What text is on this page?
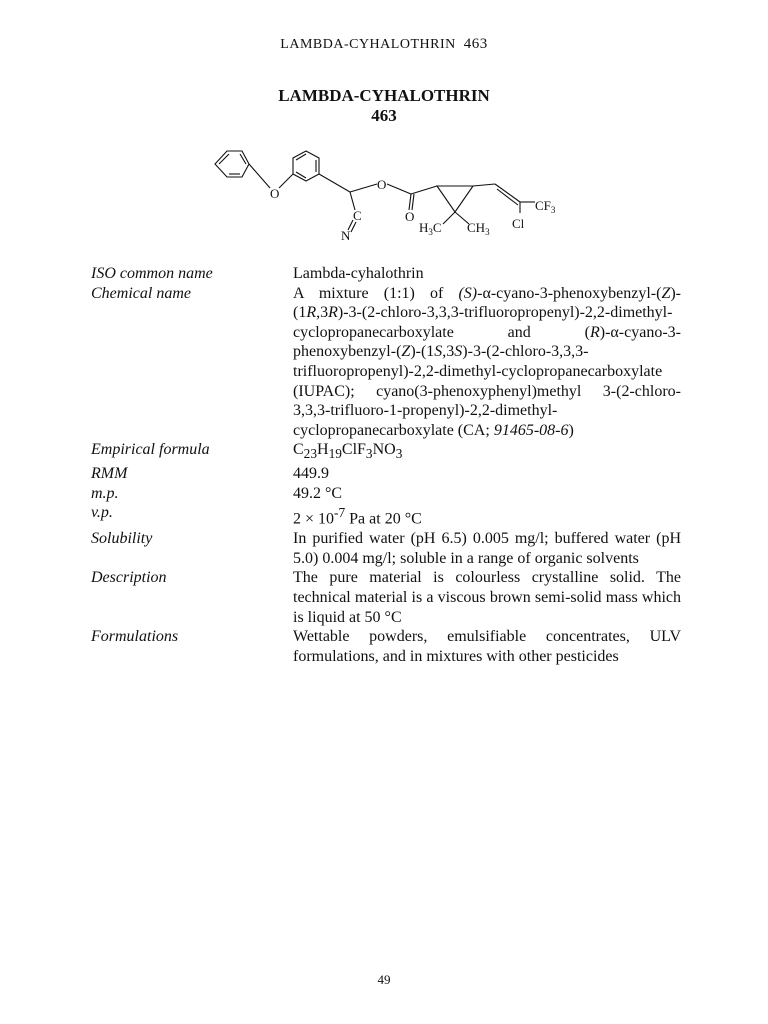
LAMBDA-CYHALOTHRIN 463
LAMBDA-CYHALOTHRIN
463
O
O
O
C
N
$CF_3$
$H_3C$ $CH_3$
Cl
ISO common name	Lambda-cyhalothrin
Chemical name	A mixture (1:1) of (S)-α-cyano-3-phenoxybenzyl-(Z)-(1R,3R)-3-(2-chloro-3,3,3-trifluoropropenyl)-2,2-dimethyl-cyclopropanecarboxylate and (R)-α-cyano-3-phenoxybenzyl-(Z)-(1S,3S)-3-(2-chloro-3,3,3-trifluoropropenyl)-2,2-dimethyl-cyclopropanecarboxylate (IUPAC); cyano(3-phenoxyphenyl)methyl 3-(2-chloro-3,3,3-trifluoro-1-propenyl)-2,2-dimethyl-cyclopropanecarboxylate (CA; 91465-08-6)
Empirical formula	$C_{23}H_{19}ClF_3NO_3$
RMM	449.9
m.p.	49.2 °C
v.p.	$2 \times 10^{-7}$ Pa at 20 °C
Solubility	In purified water (pH 6.5) 0.005 mg/l; buffered water (pH 5.0) 0.004 mg/l; soluble in a range of organic solvents
Description	The pure material is colourless crystalline solid. The technical material is a viscous brown semi-solid mass which is liquid at 50 °C
Formulations	Wettable powders, emulsifiable concentrates, ULV formulations, and in mixtures with other pesticides
49
